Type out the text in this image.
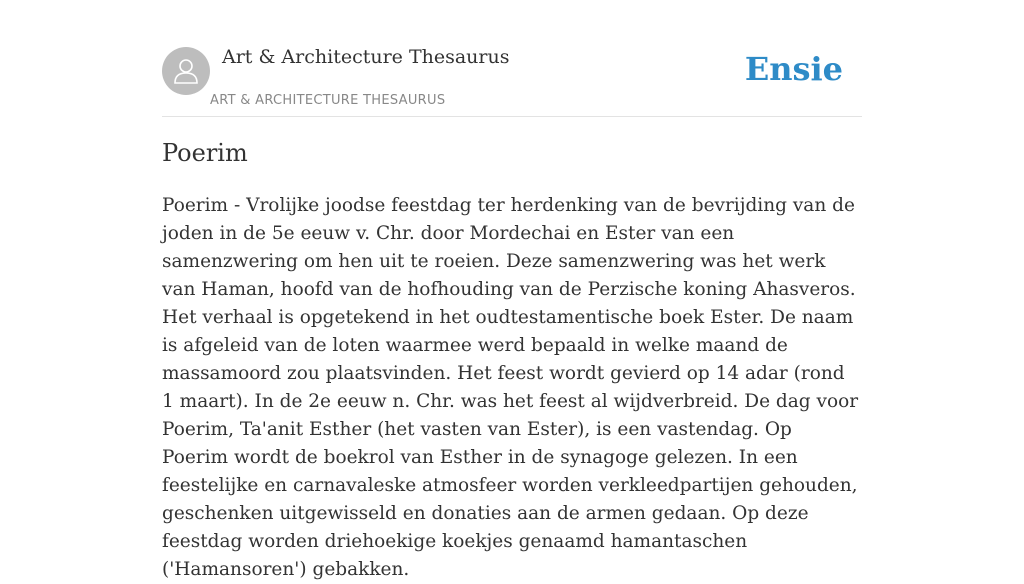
Art & Architecture Thesaurus
ART & ARCHITECTURE THESAURUS
Ensie
Poerim

Poerim - Vrolijke joodse feestdag ter herdenking van de bevrijding van de joden in de 5e eeuw v. Chr. door Mordechai en Ester van een samenzwering om hen uit te roeien. Deze samenzwering was het werk van Haman, hoofd van de hofhouding van de Perzische koning Ahasveros. Het verhaal is opgetekend in het oudtestamentische boek Ester. De naam is afgeleid van de loten waarmee werd bepaald in welke maand de massamoord zou plaatsvinden. Het feest wordt gevierd op 14 adar (rond 1 maart). In de 2e eeuw n. Chr. was het feest al wijdverbreid. De dag voor Poerim, Ta'anit Esther (het vasten van Ester), is een vastendag. Op Poerim wordt de boekrol van Esther in de synagoge gelezen. In een feestelijke en carnavaleske atmosfeer worden verkleedpartijen gehouden, geschenken uitgewisseld en donaties aan de armen gedaan. Op deze feestdag worden driehoekige koekjes genaamd hamantaschen ('Hamansoren') gebakken.
